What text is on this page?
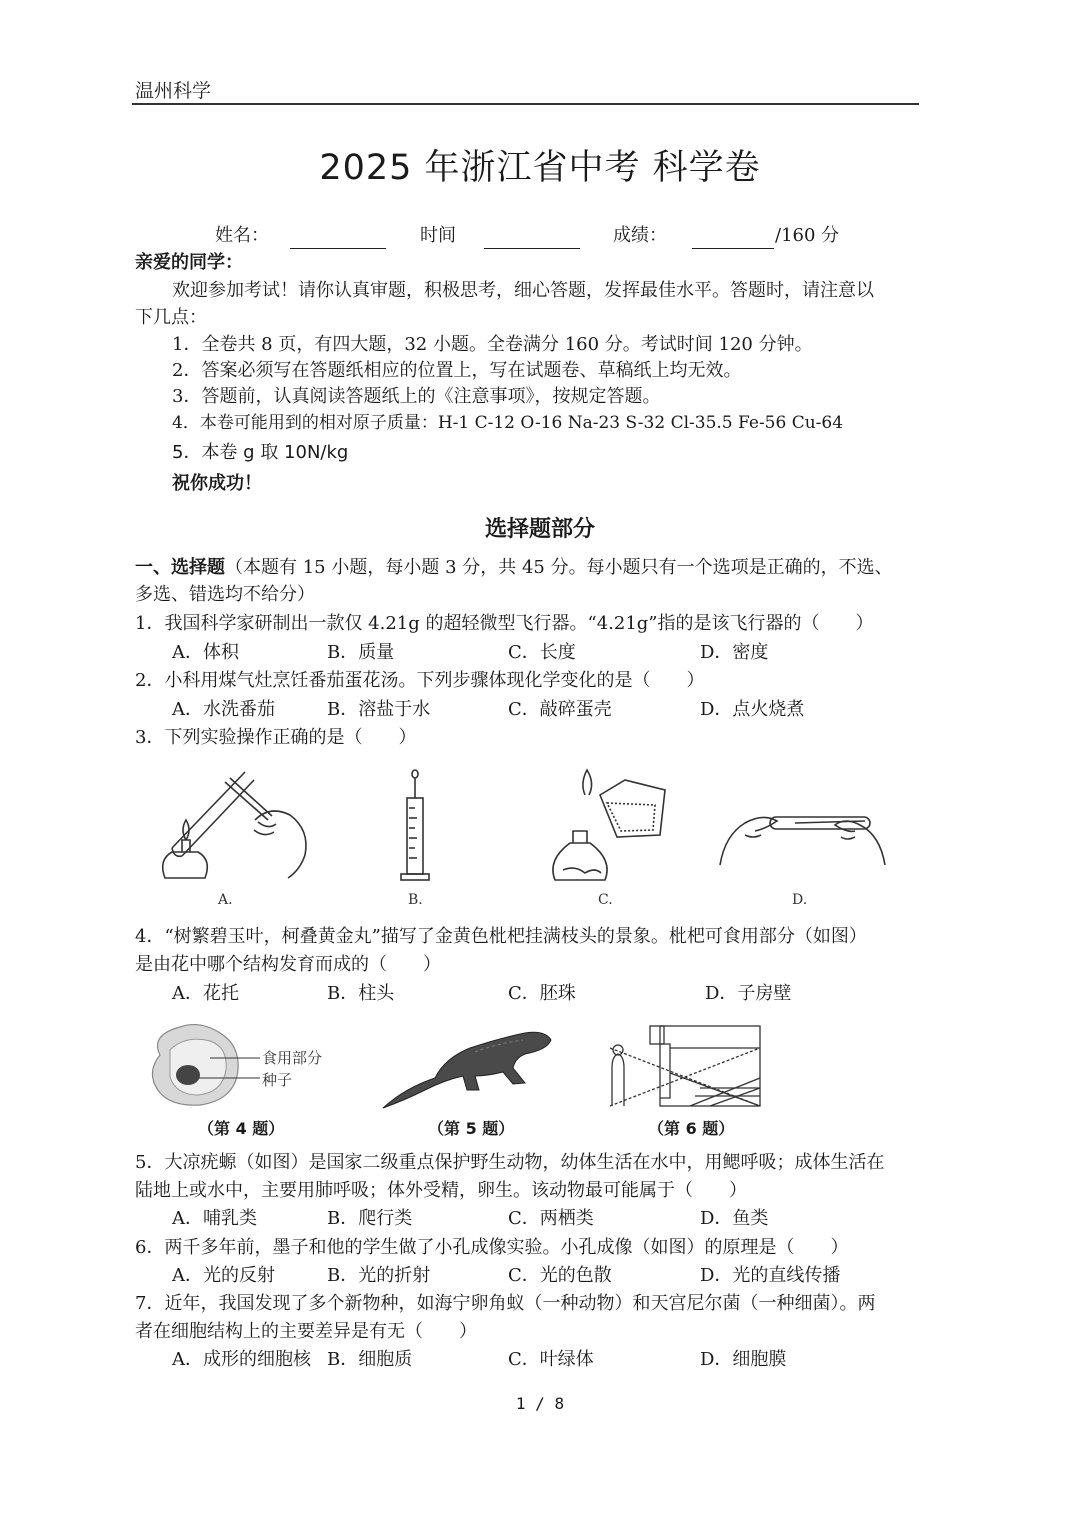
温州科学
2025 年浙江省中考 科学卷
姓名：	时间	成绩：	/160 分
亲爱的同学：
欢迎参加考试！请你认真审题，积极思考，细心答题，发挥最佳水平。答题时，请注意以
下几点：
1．全卷共 8 页，有四大题，32 小题。全卷满分 160 分。考试时间 120 分钟。
2．答案必须写在答题纸相应的位置上，写在试题卷、草稿纸上均无效。
3．答题前，认真阅读答题纸上的《注意事项》，按规定答题。
4．本卷可能用到的相对原子质量：H-1 C-12 O-16 Na-23 S-32 Cl-35.5 Fe-56 Cu-64
5．本卷 g 取 10N/kg
祝你成功！
选择题部分
一、选择题（本题有 15 小题，每小题 3 分，共 45 分。每小题只有一个选项是正确的，不选、
多选、错选均不给分）
1．我国科学家研制出一款仅 4.21g 的超轻微型飞行器。“4.21g”指的是该飞行器的（　　）
A．体积	B．质量	C．长度	D．密度
2．小科用煤气灶烹饪番茄蛋花汤。下列步骤体现化学变化的是（　　）
A．水洗番茄	B．溶盐于水	C．敲碎蛋壳	D．点火烧煮
3．下列实验操作正确的是（　　）
A.	B.	C.	D.
4．“树繁碧玉叶，柯叠黄金丸”描写了金黄色枇杷挂满枝头的景象。枇杷可食用部分（如图）
是由花中哪个结构发育而成的（　　）
A．花托	B．柱头	C．胚珠	D．子房壁
食用部分
种子
（第 4 题）	（第 5 题）	（第 6 题）
5．大凉疣螈（如图）是国家二级重点保护野生动物，幼体生活在水中，用鳃呼吸；成体生活在
陆地上或水中，主要用肺呼吸；体外受精，卵生。该动物最可能属于（　　）
A．哺乳类	B．爬行类	C．两栖类	D．鱼类
6．两千多年前，墨子和他的学生做了小孔成像实验。小孔成像（如图）的原理是（　　）
A．光的反射	B．光的折射	C．光的色散	D．光的直线传播
7．近年，我国发现了多个新物种，如海宁卵角蚁（一种动物）和天宫尼尔菌（一种细菌）。两
者在细胞结构上的主要差异是有无（　　）
A．成形的细胞核 B．细胞质	C．叶绿体	D．细胞膜
1 / 8
